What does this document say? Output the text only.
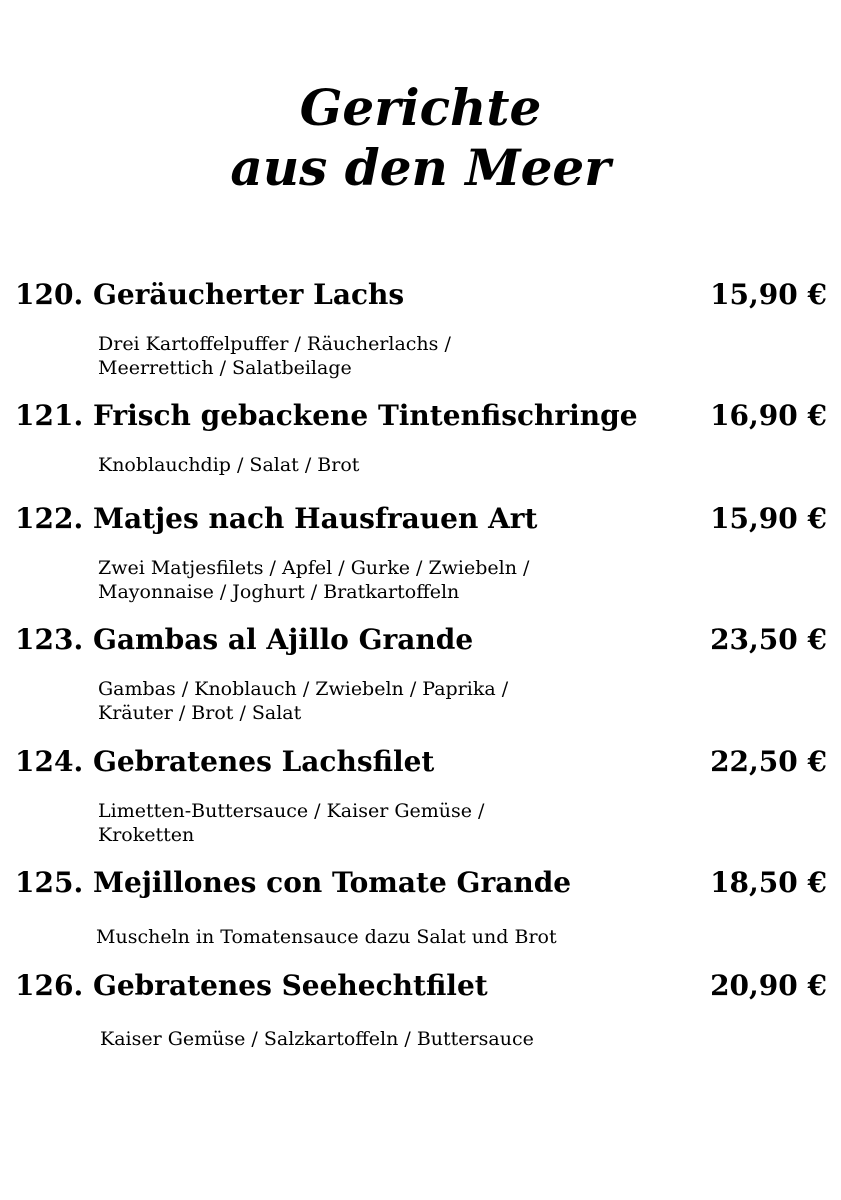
Gerichte
aus den Meer
120. Geräucherter Lachs	15,90 €
Drei Kartoffelpuffer / Räucherlachs /
Meerrettich / Salatbeilage
121. Frisch gebackene Tintenfischringe	16,90 €
Knoblauchdip / Salat / Brot
122. Matjes nach Hausfrauen Art	15,90 €
Zwei Matjesfilets / Apfel / Gurke / Zwiebeln /
Mayonnaise / Joghurt / Bratkartoffeln
123. Gambas al Ajillo Grande	23,50 €
Gambas / Knoblauch / Zwiebeln / Paprika /
Kräuter / Brot / Salat
124. Gebratenes Lachsfilet	22,50 €
Limetten-Buttersauce / Kaiser Gemüse /
Kroketten
125. Mejillones con Tomate Grande	18,50 €
Muscheln in Tomatensauce dazu Salat und Brot
126. Gebratenes Seehechtfilet	20,90 €
Kaiser Gemüse / Salzkartoffeln / Buttersauce
